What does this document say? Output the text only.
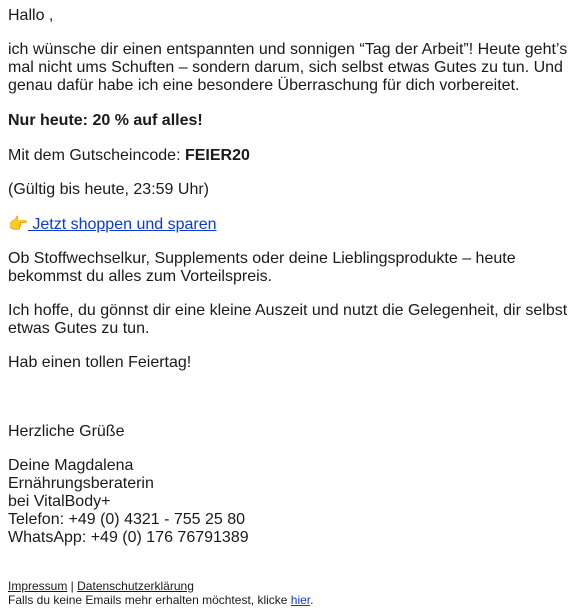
Hallo ,

ich wünsche dir einen entspannten und sonnigen “Tag der Arbeit”! Heute geht’s mal nicht ums Schuften – sondern darum, sich selbst etwas Gutes zu tun. Und genau dafür habe ich eine besondere Überraschung für dich vorbereitet.

Nur heute: 20 % auf alles!

Mit dem Gutscheincode: FEIER20

(Gültig bis heute, 23:59 Uhr)

👉 Jetzt shoppen und sparen

Ob Stoffwechselkur, Supplements oder deine Lieblingsprodukte – heute bekommst du alles zum Vorteilspreis.

Ich hoffe, du gönnst dir eine kleine Auszeit und nutzt die Gelegenheit, dir selbst etwas Gutes zu tun.

Hab einen tollen Feiertag!

Herzliche Grüße

Deine Magdalena
Ernährungsberaterin
bei VitalBody+
Telefon: +49 (0) 4321 - 755 25 80
WhatsApp: +49 (0) 176 76791389
Impressum | Datenschutzerklärung
Falls du keine Emails mehr erhalten möchtest, klicke hier.
